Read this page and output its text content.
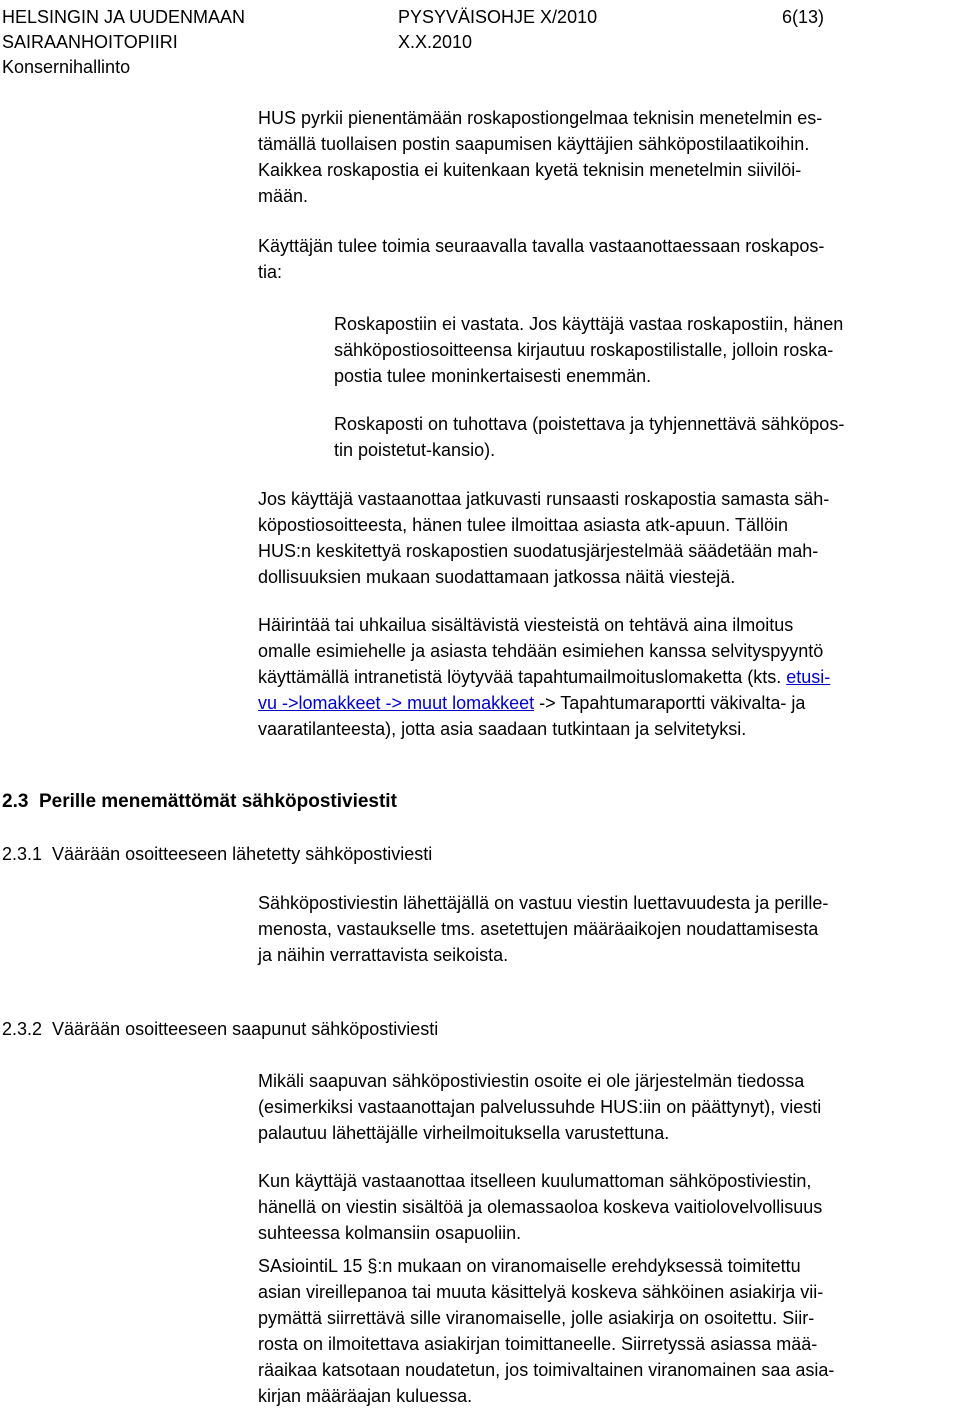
HELSINGIN JA UUDENMAAN
SAIRAANHOITOPIIRI
Konsernihallinto
PYSYVÄISOHJE X/2010
X.X.2010
6(13)
HUS pyrkii pienentämään roskapostiongelmaa teknisin menetelmin es-
tämällä tuollaisen postin saapumisen käyttäjien sähköpostilaatikoihin.
Kaikkea roskapostia ei kuitenkaan kyetä teknisin menetelmin siivilöi-
mään.
Käyttäjän tulee toimia seuraavalla tavalla vastaanottaessaan roskapos-
tia:
Roskapostiin ei vastata. Jos käyttäjä vastaa roskapostiin, hänen
sähköpostiosoitteensa kirjautuu roskapostilistalle, jolloin roska-
postia tulee moninkertaisesti enemmän.
Roskaposti on tuhottava (poistettava ja tyhjennettävä sähköpos-
tin poistetut-kansio).
Jos käyttäjä vastaanottaa jatkuvasti runsaasti roskapostia samasta säh-
köpostiosoitteesta, hänen tulee ilmoittaa asiasta atk-apuun. Tällöin
HUS:n keskitettyä roskapostien suodatusjärjestelmää säädetään mah-
dollisuuksien mukaan suodattamaan jatkossa näitä viestejä.
Häirintää tai uhkailua sisältävistä viesteistä on tehtävä aina ilmoitus
omalle esimiehelle ja asiasta tehdään esimiehen kanssa selvityspyyntö
käyttämällä intranetistä löytyvää tapahtumailmoituslomaketta (kts. etusi-
vu ->lomakkeet -> muut lomakkeet -> Tapahtumaraportti väkivalta- ja
vaaratilanteesta), jotta asia saadaan tutkintaan ja selvitetyksi.
2.3  Perille menemättömät sähköpostiviestit
2.3.1  Väärään osoitteeseen lähetetty sähköpostiviesti
Sähköpostiviestin lähettäjällä on vastuu viestin luettavuudesta ja perille-
menosta, vastaukselle tms. asetettujen määräaikojen noudattamisesta
ja näihin verrattavista seikoista.
2.3.2  Väärään osoitteeseen saapunut sähköpostiviesti
Mikäli saapuvan sähköpostiviestin osoite ei ole järjestelmän tiedossa
(esimerkiksi vastaanottajan palvelussuhde HUS:iin on päättynyt), viesti
palautuu lähettäjälle virheilmoituksella varustettuna.
Kun käyttäjä vastaanottaa itselleen kuulumattoman sähköpostiviestin,
hänellä on viestin sisältöä ja olemassaoloa koskeva vaitiolovelvollisuus
suhteessa kolmansiin osapuoliin.
SAsiointiL 15 §:n mukaan on viranomaiselle erehdyksessä toimitettu
asian vireillepanoa tai muuta käsittelyä koskeva sähköinen asiakirja vii-
pymättä siirrettävä sille viranomaiselle, jolle asiakirja on osoitettu. Siir-
rosta on ilmoitettava asiakirjan toimittaneelle. Siirretyssä asiassa mää-
räaikaa katsotaan noudatetun, jos toimivaltainen viranomainen saa asia-
kirjan määräajan kuluessa.
